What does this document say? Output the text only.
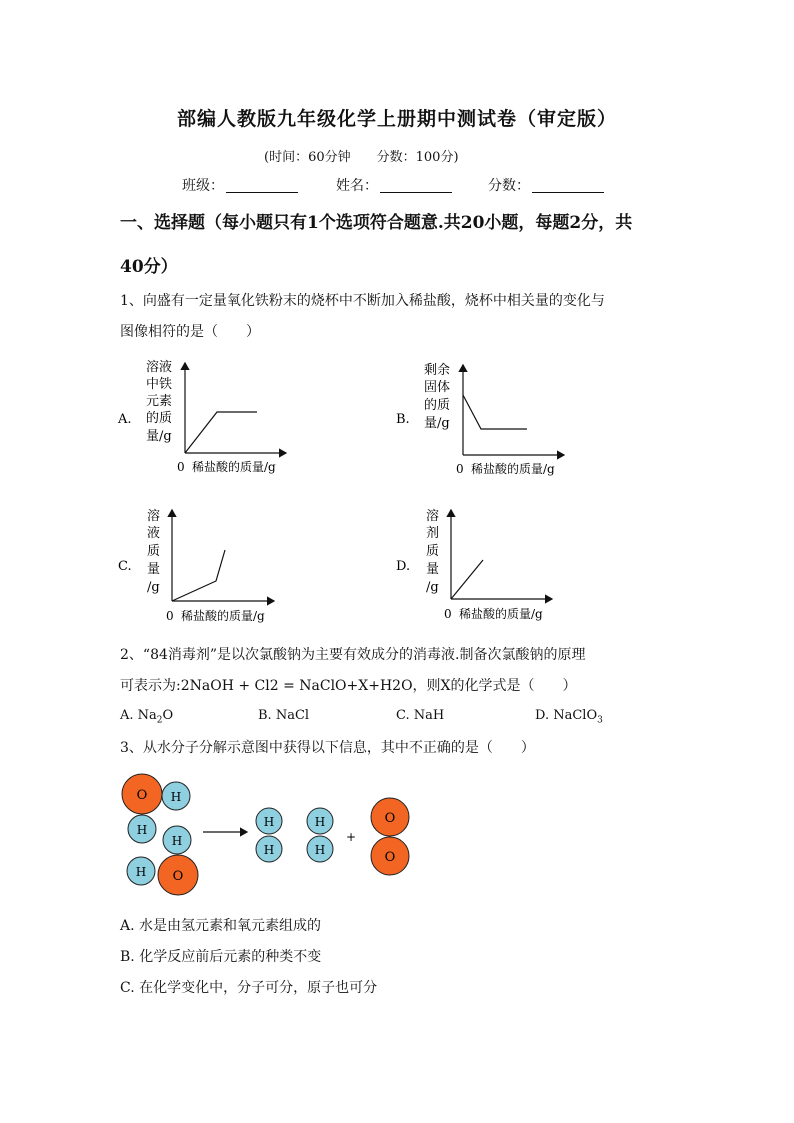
部编人教版九年级化学上册期中测试卷（审定版）
(时间：60分钟 分数：100分)
班级：	姓名：	分数：
一、选择题（每小题只有1个选项符合题意.共20小题，每题2分，共
40分）
1、向盛有一定量氧化铁粉末的烧杯中不断加入稀盐酸，烧杯中相关量的变化与
图像相符的是（　　）
A.
溶液
中铁
元素
的质
量/g
0 稀盐酸的质量/g
B.
剩余
固体
的质
量/g
0 稀盐酸的质量/g
C.
溶
液
质
量
/g
0 稀盐酸的质量/g
D.
溶
剂
质
量
/g
0 稀盐酸的质量/g
2、“84消毒剂”是以次氯酸钠为主要有效成分的消毒液.制备次氯酸钠的原理
可表示为:2NaOH + Cl2 = NaClO+X+H2O，则X的化学式是（　　）
A. $Na_2O$	B. NaCl	C. NaH	D. NaClO$_3$
3、从水分子分解示意图中获得以下信息，其中不正确的是（　　）
O H
H
H
H O
H
H
H
H
+
O
O
A. 水是由氢元素和氧元素组成的
B. 化学反应前后元素的种类不变
C. 在化学变化中，分子可分，原子也可分
